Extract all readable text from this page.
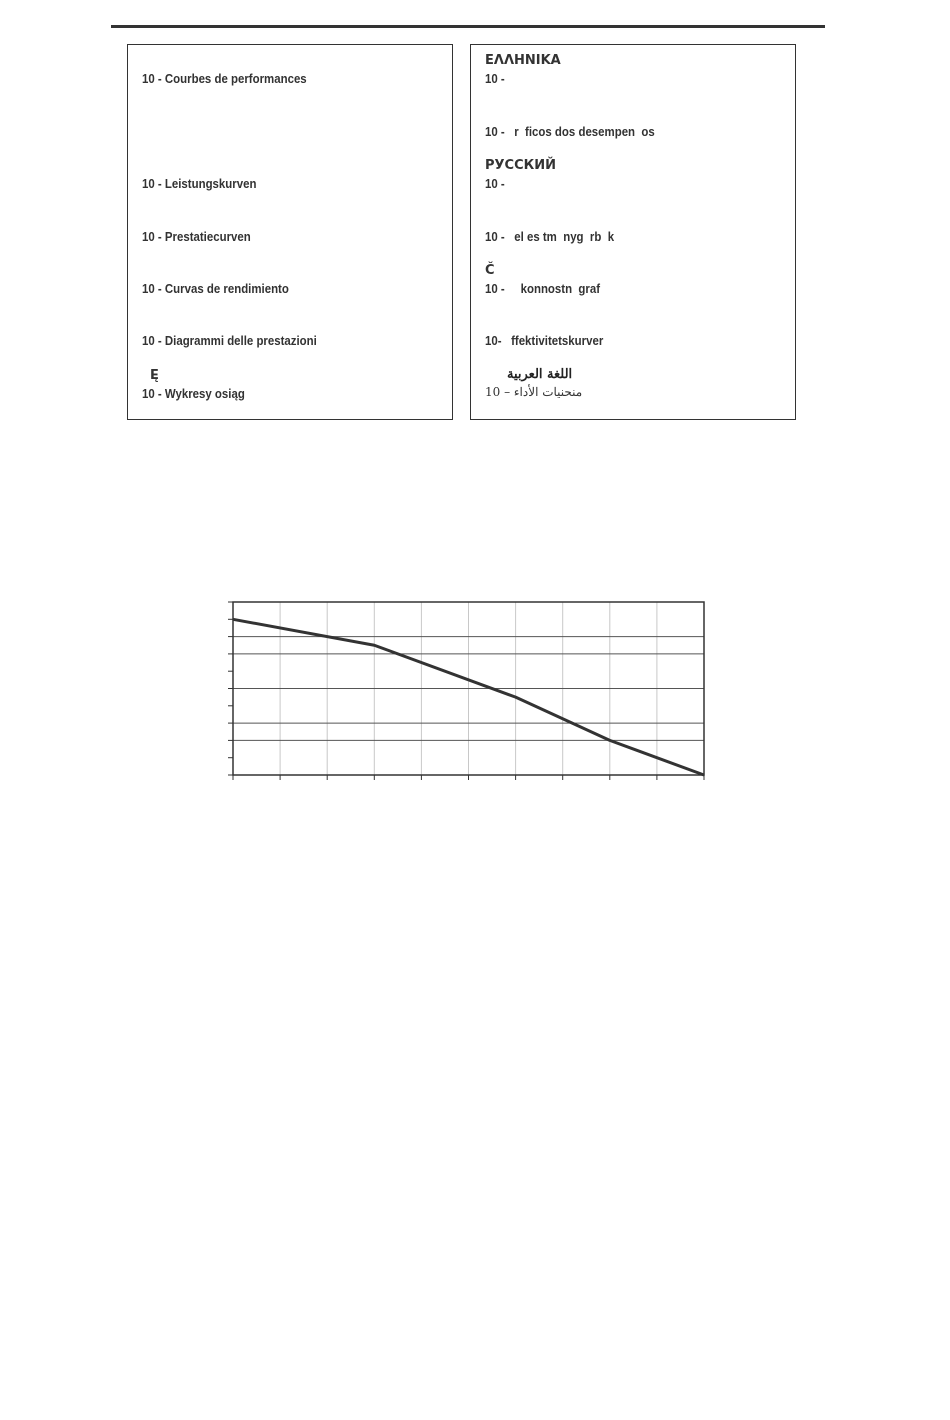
10 - Courbes de performances
10 - Leistungskurven
10 - Prestatiecurven
10 - Curvas de rendimiento
10 - Diagrammi delle prestazioni
Ę
10 - Wykresy osiąg
ΕΛΛΗΝΙΚΑ
10 -
10 -   r  ficos dos desempen  os
РУССКИЙ
10 -
10 -   el es tm  nyg  rb  k
Č
10 -     konnostn  graf
10-   ffektivitetskurver
اللغة العربية
منحنيات الأداء – 10
